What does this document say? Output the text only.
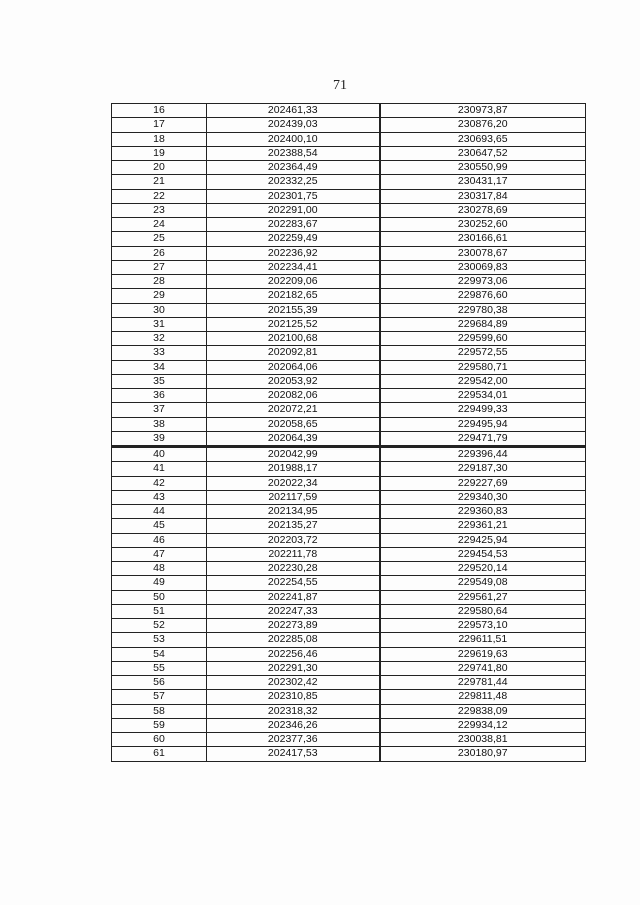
71
16	202461,33	230973,87
17	202439,03	230876,20
18	202400,10	230693,65
19	202388,54	230647,52
20	202364,49	230550,99
21	202332,25	230431,17
22	202301,75	230317,84
23	202291,00	230278,69
24	202283,67	230252,60
25	202259,49	230166,61
26	202236,92	230078,67
27	202234,41	230069,83
28	202209,06	229973,06
29	202182,65	229876,60
30	202155,39	229780,38
31	202125,52	229684,89
32	202100,68	229599,60
33	202092,81	229572,55
34	202064,06	229580,71
35	202053,92	229542,00
36	202082,06	229534,01
37	202072,21	229499,33
38	202058,65	229495,94
39	202064,39	229471,79
40	202042,99	229396,44
41	201988,17	229187,30
42	202022,34	229227,69
43	202117,59	229340,30
44	202134,95	229360,83
45	202135,27	229361,21
46	202203,72	229425,94
47	202211,78	229454,53
48	202230,28	229520,14
49	202254,55	229549,08
50	202241,87	229561,27
51	202247,33	229580,64
52	202273,89	229573,10
53	202285,08	229611,51
54	202256,46	229619,63
55	202291,30	229741,80
56	202302,42	229781,44
57	202310,85	229811,48
58	202318,32	229838,09
59	202346,26	229934,12
60	202377,36	230038,81
61	202417,53	230180,97
